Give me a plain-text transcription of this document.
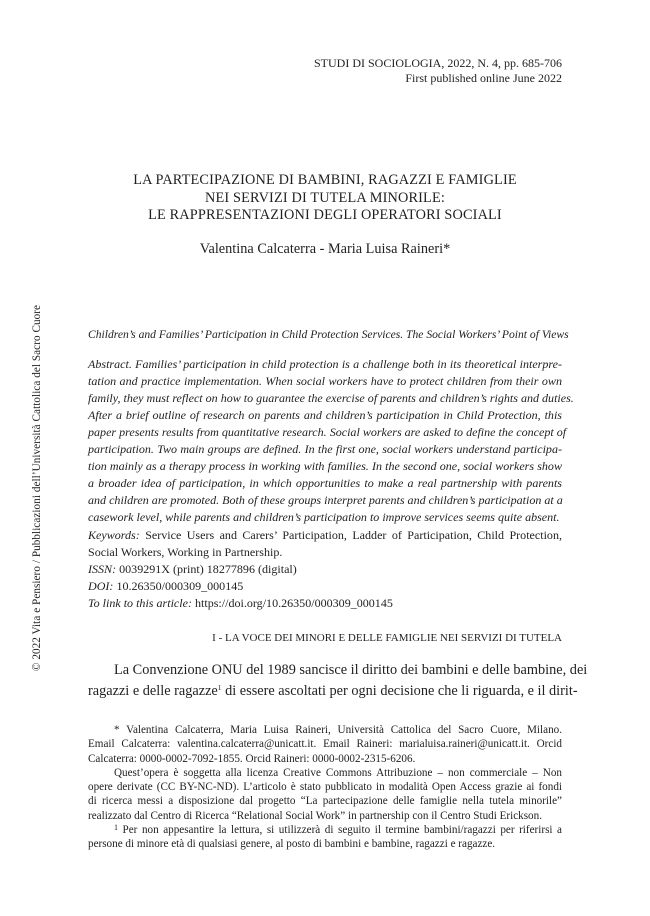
STUDI DI SOCIOLOGIA, 2022, N. 4, pp. 685-706
First published online June 2022
LA PARTECIPAZIONE DI BAMBINI, RAGAZZI E FAMIGLIE
NEI SERVIZI DI TUTELA MINORILE:
LE RAPPRESENTAZIONI DEGLI OPERATORI SOCIALI
Valentina Calcaterra - Maria Luisa Raineri*
Children’s and Families’ Participation in Child Protection Services. The Social Workers’ Point of Views
Abstract. Families’ participation in child protection is a challenge both in its theoretical interpre-
tation and practice implementation. When social workers have to protect children from their own
family, they must reflect on how to guarantee the exercise of parents and children’s rights and duties.
After a brief outline of research on parents and children’s participation in Child Protection, this
paper presents results from quantitative research. Social workers are asked to define the concept of
participation. Two main groups are defined. In the first one, social workers understand participa-
tion mainly as a therapy process in working with families. In the second one, social workers show
a broader idea of participation, in which opportunities to make a real partnership with parents
and children are promoted. Both of these groups interpret parents and children’s participation at a
casework level, while parents and children’s participation to improve services seems quite absent.
Keywords: Service Users and Carers’ Participation, Ladder of Participation, Child Protection,
Social Workers, Working in Partnership.
ISSN: 0039291X (print) 18277896 (digital)
DOI: 10.26350/000309_000145
To link to this article: https://doi.org/10.26350/000309_000145
I - LA VOCE DEI MINORI E DELLE FAMIGLIE NEI SERVIZI DI TUTELA
La Convenzione ONU del 1989 sancisce il diritto dei bambini e delle bambine, dei
ragazzi e delle ragazze$^1$ di essere ascoltati per ogni decisione che li riguarda, e il dirit-
* Valentina Calcaterra, Maria Luisa Raineri, Università Cattolica del Sacro Cuore, Milano.
Email Calcaterra: valentina.calcaterra@unicatt.it. Email Raineri: marialuisa.raineri@unicatt.it. Orcid
Calcaterra: 0000-0002-7092-1855. Orcid Raineri: 0000-0002-2315-6206.
Quest’opera è soggetta alla licenza Creative Commons Attribuzione – non commerciale – Non
opere derivate (CC BY-NC-ND). L’articolo è stato pubblicato in modalità Open Access grazie ai fondi
di ricerca messi a disposizione dal progetto “La partecipazione delle famiglie nella tutela minorile”
realizzato dal Centro di Ricerca “Relational Social Work” in partnership con il Centro Studi Erickson.
$^1$ Per non appesantire la lettura, si utilizzerà di seguito il termine bambini/ragazzi per riferirsi a
persone di minore età di qualsiasi genere, al posto di bambini e bambine, ragazzi e ragazze.
© 2022 Vita e Pensiero / Pubblicazioni dell’Università Cattolica del Sacro Cuore
